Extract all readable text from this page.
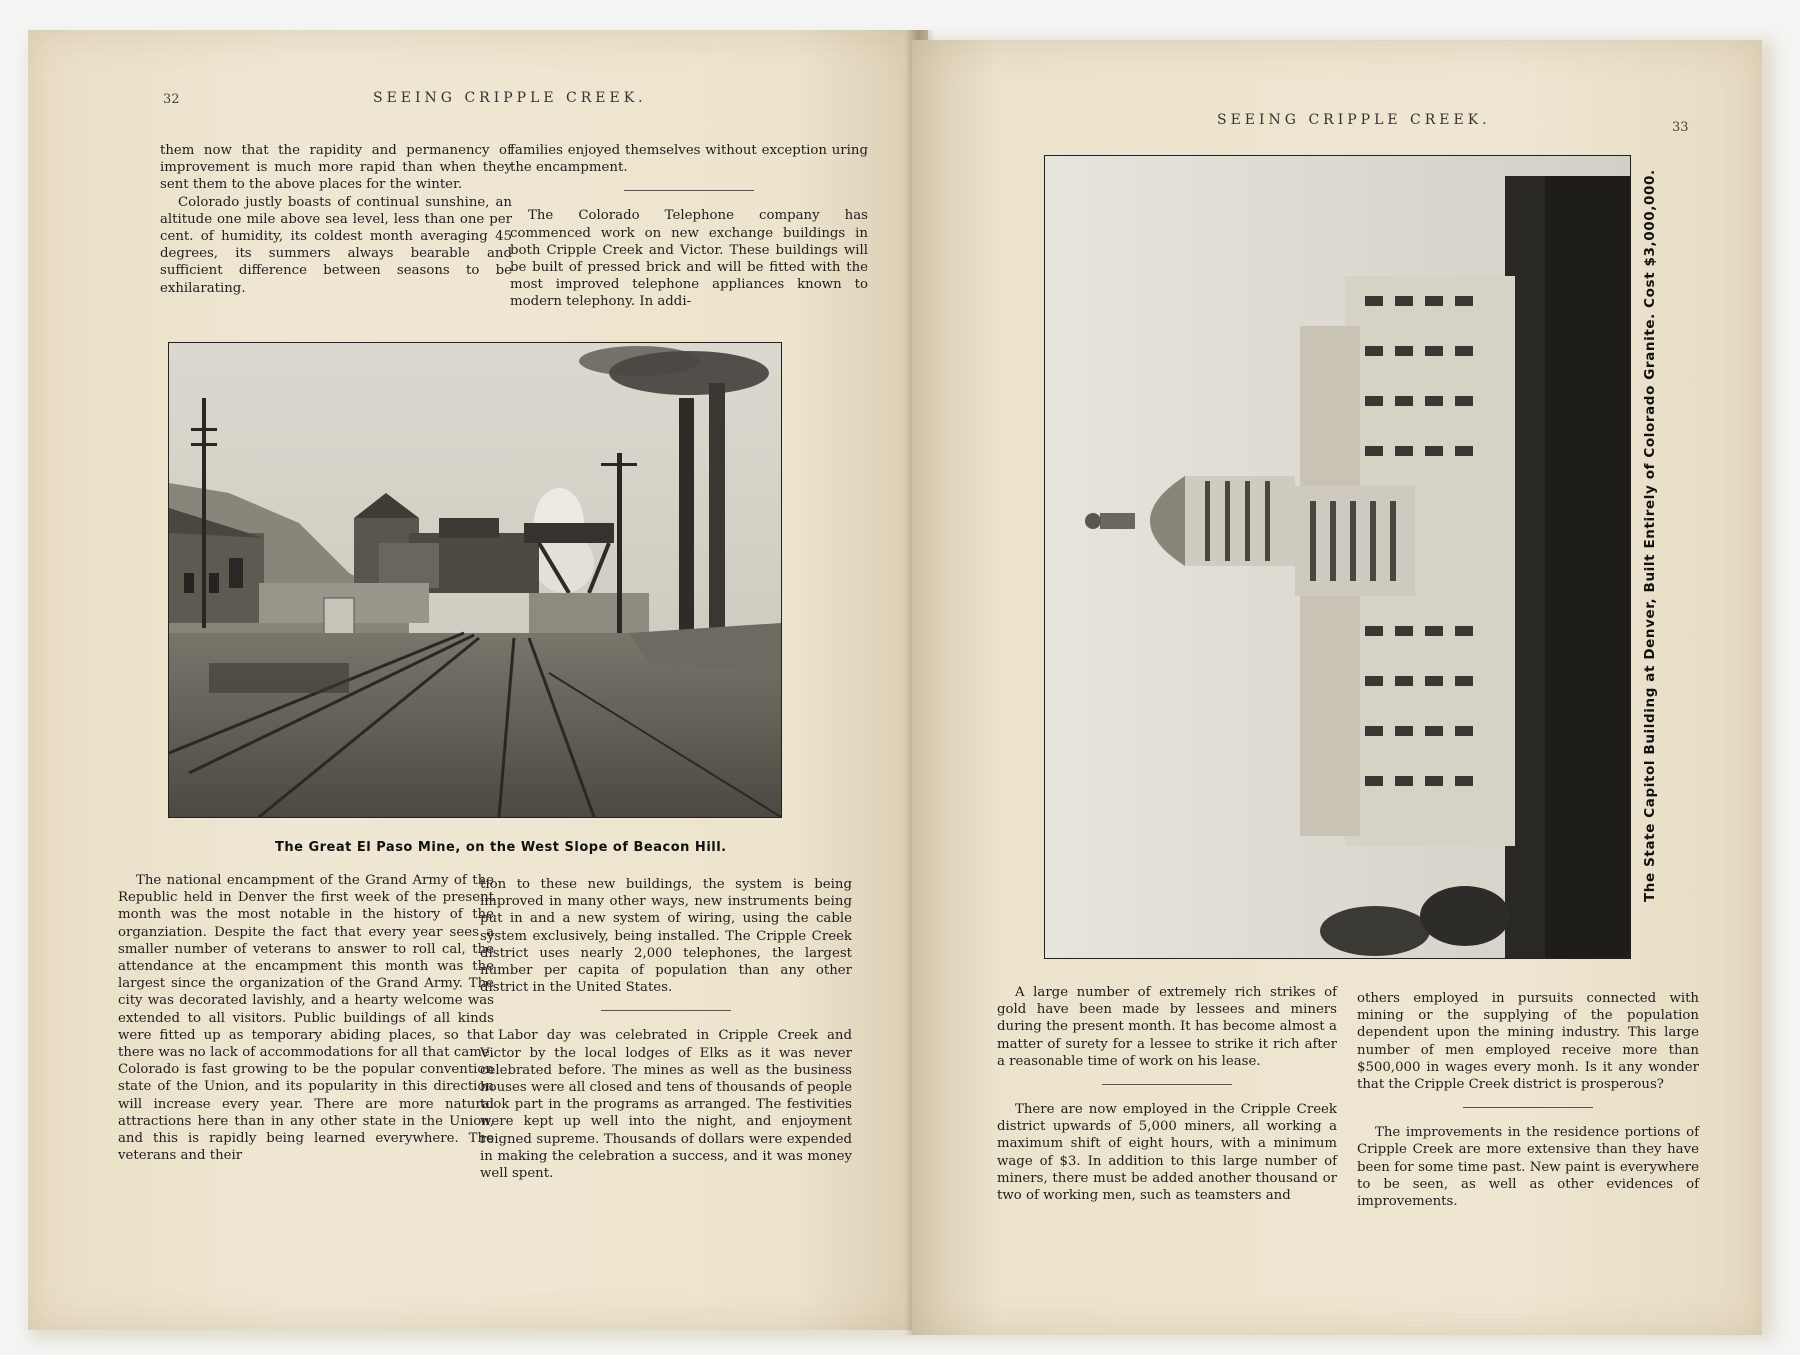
32	SEEING CRIPPLE CREEK.

them now that the rapidity and permanency of improvement is much more rapid than when they sent them to the above places for the winter.

Colorado justly boasts of continual sunshine, an altitude one mile above sea level, less than one per cent. of humidity, its coldest month averaging 45 degrees, its summers always bearable and sufficient difference between seasons to be exhilarating.

families enjoyed themselves without exception uring the encampment.

The Colorado Telephone company has commenced work on new exchange buildings in both Cripple Creek and Victor. These buildings will be built of pressed brick and will be fitted with the most improved telephone appliances known to modern telephony. In addi-

The Great El Paso Mine, on the West Slope of Beacon Hill.

The national encampment of the Grand Army of the Republic held in Denver the first week of the present month was the most notable in the history of the organziation. Despite the fact that every year sees a smaller number of veterans to answer to roll cal, the attendance at the encampment this month was the largest since the organization of the Grand Army. The city was decorated lavishly, and a hearty welcome was extended to all visitors. Public buildings of all kinds were fitted up as temporary abiding places, so that there was no lack of accommodations for all that came. Colorado is fast growing to be the popular convention state of the Union, and its popularity in this direction will increase every year. There are more natural attractions here than in any other state in the Union, and this is rapidly being learned everywhere. The veterans and their

tion to these new buildings, the system is being improved in many other ways, new instruments being put in and a new system of wiring, using the cable system exclusively, being installed. The Cripple Creek district uses nearly 2,000 telephones, the largest number per capita of population than any other district in the United States.

Labor day was celebrated in Cripple Creek and Victor by the local lodges of Elks as it was never celebrated before. The mines as well as the business houses were all closed and tens of thousands of people took part in the programs as arranged. The festivities were kept up well into the night, and enjoyment reigned supreme. Thousands of dollars were expended in making the celebration a success, and it was money well spent.

SEEING CRIPPLE CREEK.	33
The State Capitol Building at Denver, Built Entirely of Colorado Granite. Cost $3,000,000.

A large number of extremely rich strikes of gold have been made by lessees and miners during the present month. It has become almost a matter of surety for a lessee to strike it rich after a reasonable time of work on his lease.

There are now employed in the Cripple Creek district upwards of 5,000 miners, all working a maximum shift of eight hours, with a minimum wage of $3. In addition to this large number of miners, there must be added another thousand or two of working men, such as teamsters and

others employed in pursuits connected with mining or the supplying of the population dependent upon the mining industry. This large number of men employed receive more than $500,000 in wages every monh. Is it any wonder that the Cripple Creek district is prosperous?

The improvements in the residence portions of Cripple Creek are more extensive than they have been for some time past. New paint is everywhere to be seen, as well as other evidences of improvements.
